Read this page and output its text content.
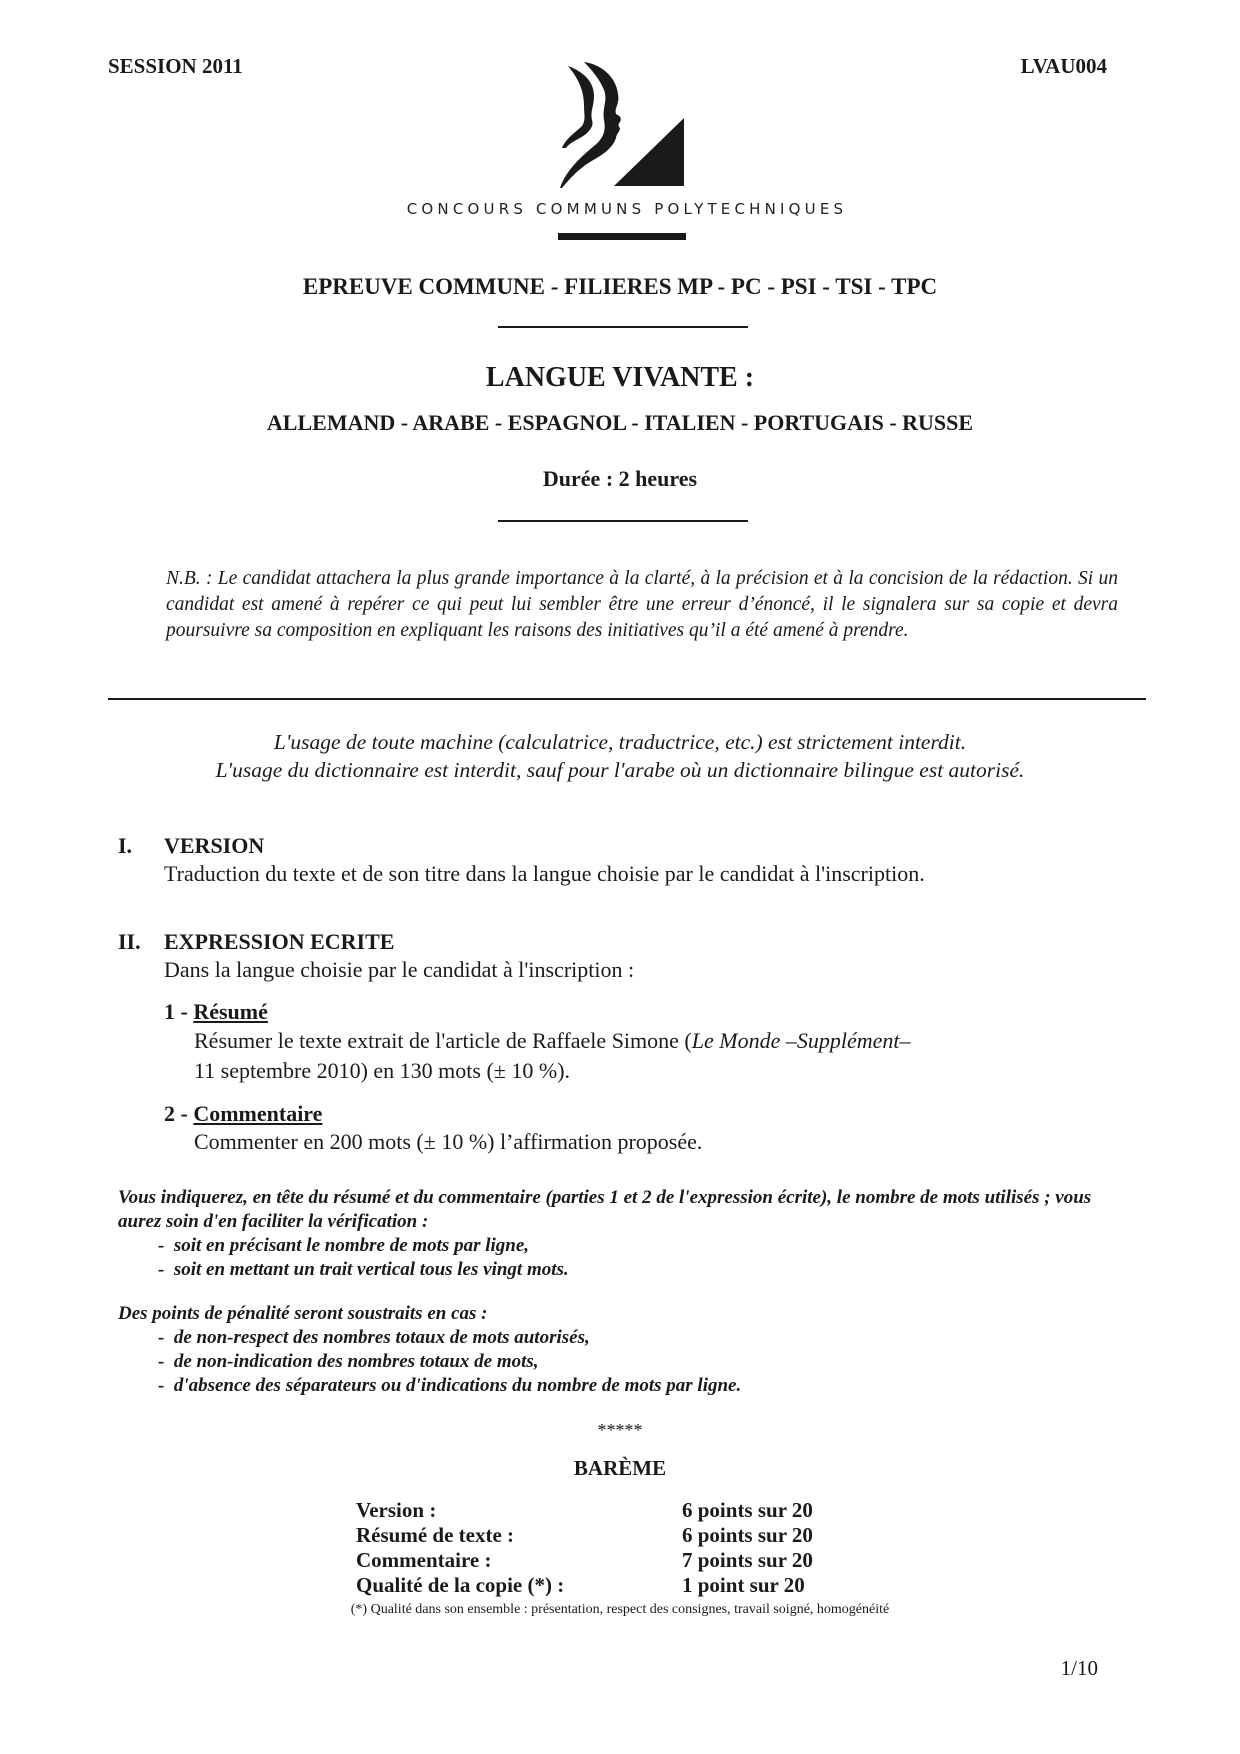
SESSION 2011	LVAU004
CONCOURS COMMUNS POLYTECHNIQUES
EPREUVE COMMUNE - FILIERES MP - PC - PSI - TSI - TPC
LANGUE VIVANTE :
ALLEMAND - ARABE - ESPAGNOL - ITALIEN - PORTUGAIS - RUSSE
Durée : 2 heures
N.B. : Le candidat attachera la plus grande importance à la clarté, à la précision et à la concision de la rédaction. Si un candidat est amené à repérer ce qui peut lui sembler être une erreur d’énoncé, il le signalera sur sa copie et devra poursuivre sa composition en expliquant les raisons des initiatives qu’il a été amené à prendre.
L'usage de toute machine (calculatrice, traductrice, etc.) est strictement interdit.
L'usage du dictionnaire est interdit, sauf pour l'arabe où un dictionnaire bilingue est autorisé.
I. VERSION
Traduction du texte et de son titre dans la langue choisie par le candidat à l'inscription.
II. EXPRESSION ECRITE
Dans la langue choisie par le candidat à l'inscription :
1 - Résumé
Résumer le texte extrait de l'article de Raffaele Simone (Le Monde –Supplément–
11 septembre 2010) en 130 mots (± 10 %).
2 - Commentaire
Commenter en 200 mots (± 10 %) l’affirmation proposée.
Vous indiquerez, en tête du résumé et du commentaire (parties 1 et 2 de l'expression écrite), le nombre de mots utilisés ; vous aurez soin d'en faciliter la vérification :
-  soit en précisant le nombre de mots par ligne,
-  soit en mettant un trait vertical tous les vingt mots.
Des points de pénalité seront soustraits en cas :
-  de non-respect des nombres totaux de mots autorisés,
-  de non-indication des nombres totaux de mots,
-  d'absence des séparateurs ou d'indications du nombre de mots par ligne.
*****
BARÈME
Version :	6 points sur 20
Résumé de texte :	6 points sur 20
Commentaire :	7 points sur 20
Qualité de la copie (*) :	1 point sur 20
(*) Qualité dans son ensemble : présentation, respect des consignes, travail soigné, homogénéité
1/10
